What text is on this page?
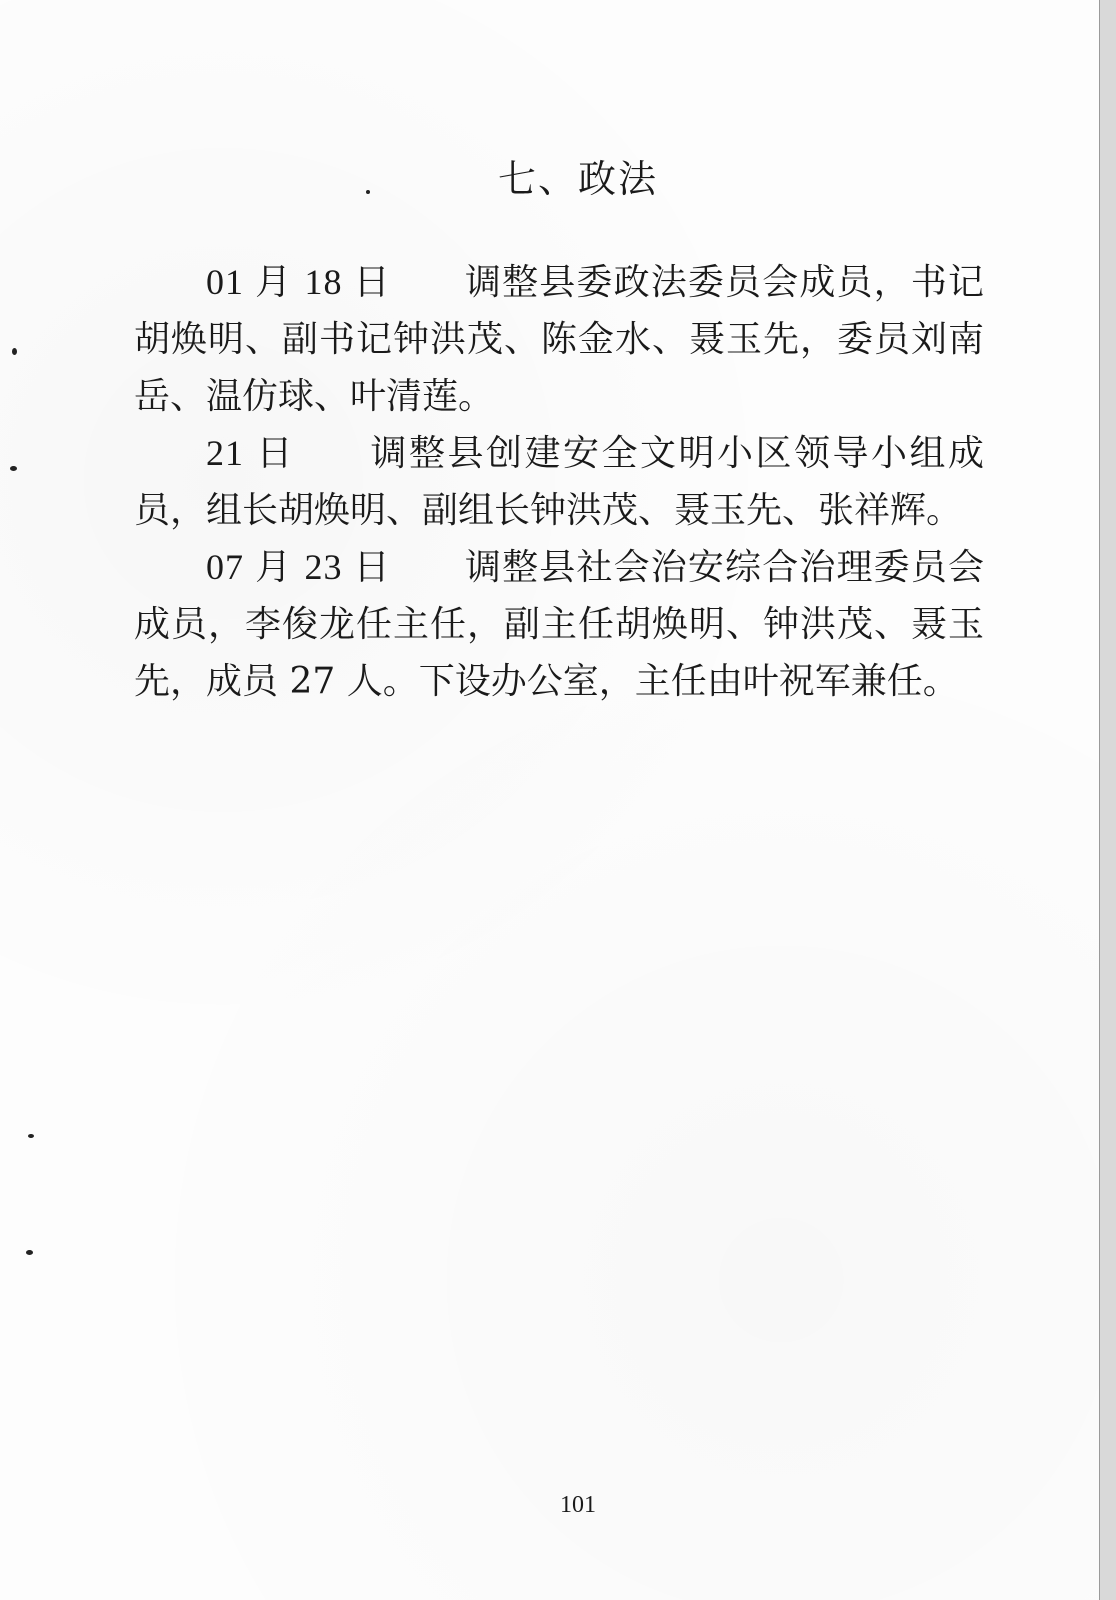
七、政法

01 月 18 日 调整县委政法委员会成员，书记胡焕明、副书记钟洪茂、陈金水、聂玉先，委员刘南岳、温仿球、叶清莲。

21 日 调整县创建安全文明小区领导小组成员，组长胡焕明、副组长钟洪茂、聂玉先、张祥辉。

07 月 23 日 调整县社会治安综合治理委员会成员，李俊龙任主任，副主任胡焕明、钟洪茂、聂玉先，成员 27 人。下设办公室，主任由叶祝军兼任。

101
